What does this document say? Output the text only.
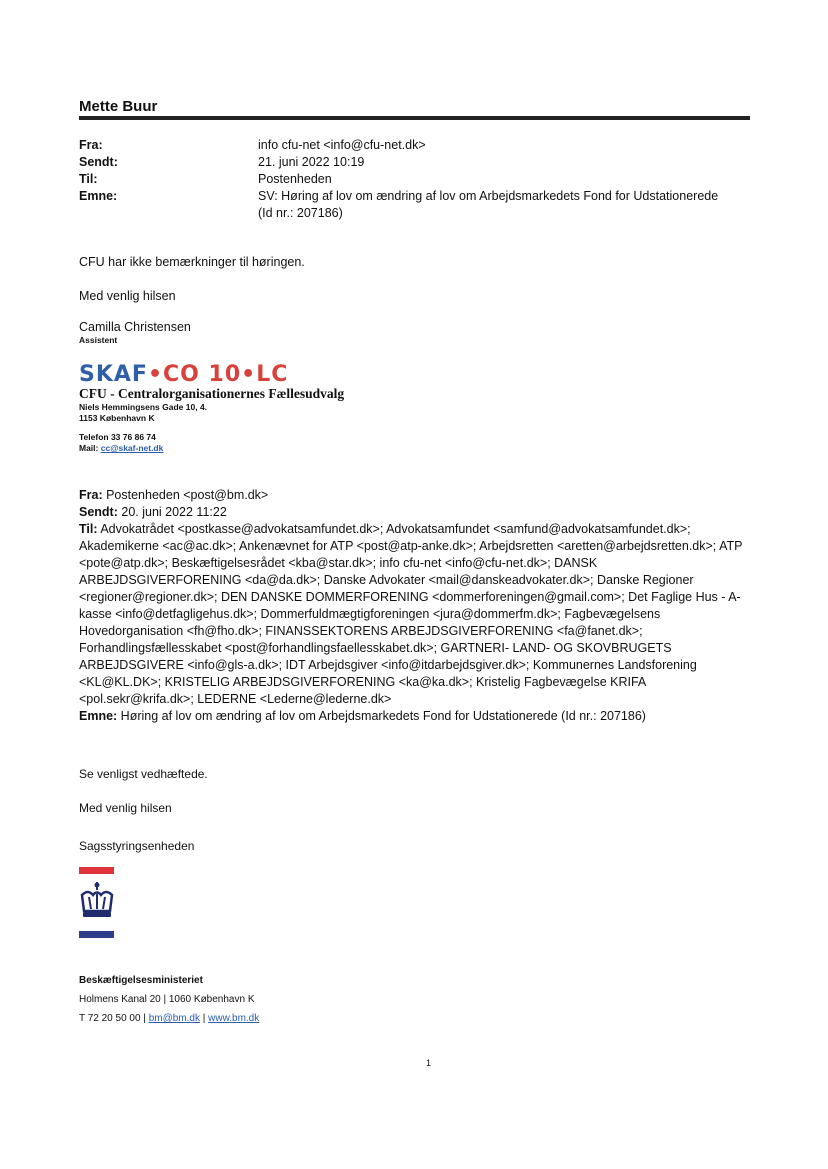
Mette Buur
Fra:	info cfu-net <info@cfu-net.dk>
Sendt:	21. juni 2022 10:19
Til:	Postenheden
Emne:	SV: Høring af lov om ændring af lov om Arbejdsmarkedets Fond for Udstationerede
(Id nr.: 207186)
CFU har ikke bemærkninger til høringen.
Med venlig hilsen
Camilla Christensen
Assistent
SKAF•CO 10•LC
CFU - Centralorganisationernes Fællesudvalg
Niels Hemmingsens Gade 10, 4.
1153 København K
Telefon 33 76 86 74
Mail: cc@skaf-net.dk
Fra: Postenheden <post@bm.dk>
Sendt: 20. juni 2022 11:22
Til: Advokatrådet <postkasse@advokatsamfundet.dk>; Advokatsamfundet <samfund@advokatsamfundet.dk>; Akademikerne <ac@ac.dk>; Ankenævnet for ATP <post@atp-anke.dk>; Arbejdsretten <aretten@arbejdsretten.dk>; ATP <pote@atp.dk>; Beskæftigelsesrådet <kba@star.dk>; info cfu-net <info@cfu-net.dk>; DANSK ARBEJDSGIVERFORENING <da@da.dk>; Danske Advokater <mail@danskeadvokater.dk>; Danske Regioner <regioner@regioner.dk>; DEN DANSKE DOMMERFORENING <dommerforeningen@gmail.com>; Det Faglige Hus - A-kasse <info@detfagligehus.dk>; Dommerfuldmægtigforeningen <jura@dommerfm.dk>; Fagbevægelsens Hovedorganisation <fh@fho.dk>; FINANSSEKTORENS ARBEJDSGIVERFORENING <fa@fanet.dk>; Forhandlingsfællesskabet <post@forhandlingsfaellesskabet.dk>; GARTNERI- LAND- OG SKOVBRUGETS ARBEJDSGIVERE <info@gls-a.dk>; IDT Arbejdsgiver <info@itdarbejdsgiver.dk>; Kommunernes Landsforening <KL@KL.DK>; KRISTELIG ARBEJDSGIVERFORENING <ka@ka.dk>; Kristelig Fagbevægelse KRIFA <pol.sekr@krifa.dk>; LEDERNE <Lederne@lederne.dk>
Emne: Høring af lov om ændring af lov om Arbejdsmarkedets Fond for Udstationerede (Id nr.: 207186)
Se venligst vedhæftede.
Med venlig hilsen
Sagsstyringsenheden
Beskæftigelsesministeriet
Holmens Kanal 20 | 1060 København K
T 72 20 50 00 | bm@bm.dk | www.bm.dk
1
